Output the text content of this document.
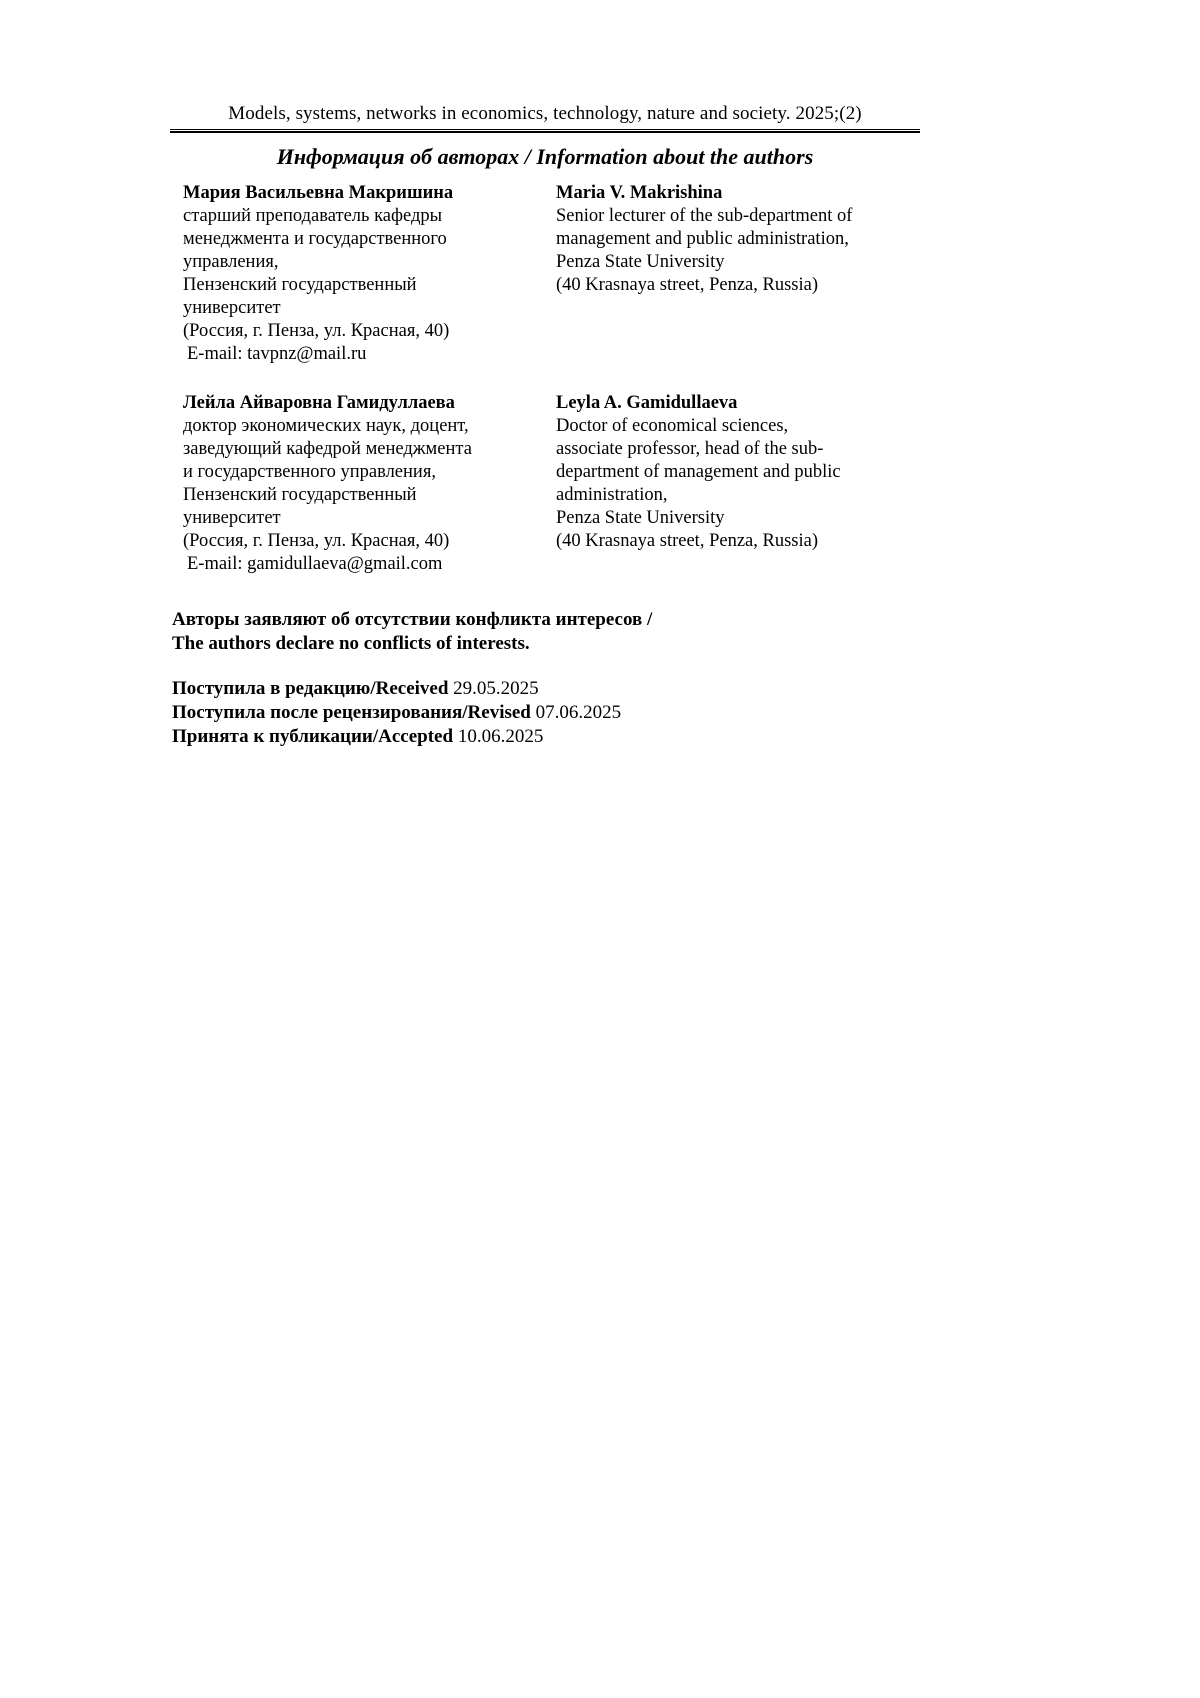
Models, systems, networks in economics, technology, nature and society. 2025;(2)
Информация об авторах / Information about the authors
Мария Васильевна Макришина
старший преподаватель кафедры
менеджмента и государственного
управления,
Пензенский государственный
университет
(Россия, г. Пенза, ул. Красная, 40)
E-mail: tavpnz@mail.ru
Maria V. Makrishina
Senior lecturer of the sub-department of
management and public administration,
Penza State University
(40 Krasnaya street, Penza, Russia)
Лейла Айваровна Гамидуллаева
доктор экономических наук, доцент,
заведующий кафедрой менеджмента
и государственного управления,
Пензенский государственный
университет
(Россия, г. Пенза, ул. Красная, 40)
E-mail: gamidullaeva@gmail.com
Leyla A. Gamidullaeva
Doctor of economical sciences,
associate professor, head of the sub-
department of management and public
administration,
Penza State University
(40 Krasnaya street, Penza, Russia)
Авторы заявляют об отсутствии конфликта интересов /
The authors declare no conflicts of interests.
Поступила в редакцию/Received 29.05.2025
Поступила после рецензирования/Revised 07.06.2025
Принята к публикации/Accepted 10.06.2025
